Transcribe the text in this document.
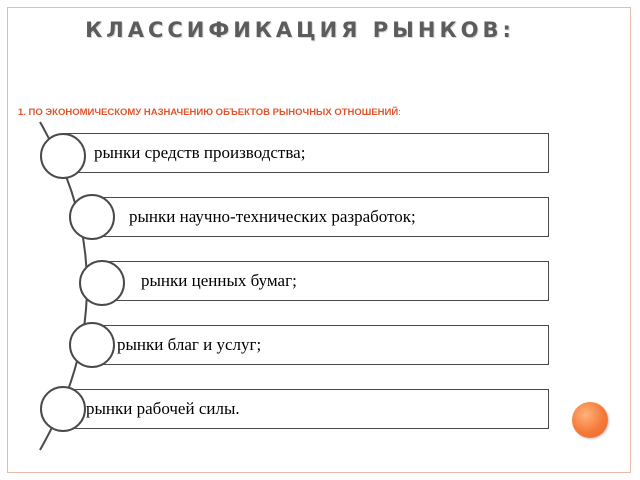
КЛАССИФИКАЦИЯ РЫНКОВ:
1. ПО ЭКОНОМИЧЕСКОМУ НАЗНАЧЕНИЮ ОБЪЕКТОВ РЫНОЧНЫХ ОТНОШЕНИЙ:
рынки средств производства;
рынки научно-технических разработок;
рынки ценных бумаг;
рынки благ и услуг;
рынки рабочей силы.
